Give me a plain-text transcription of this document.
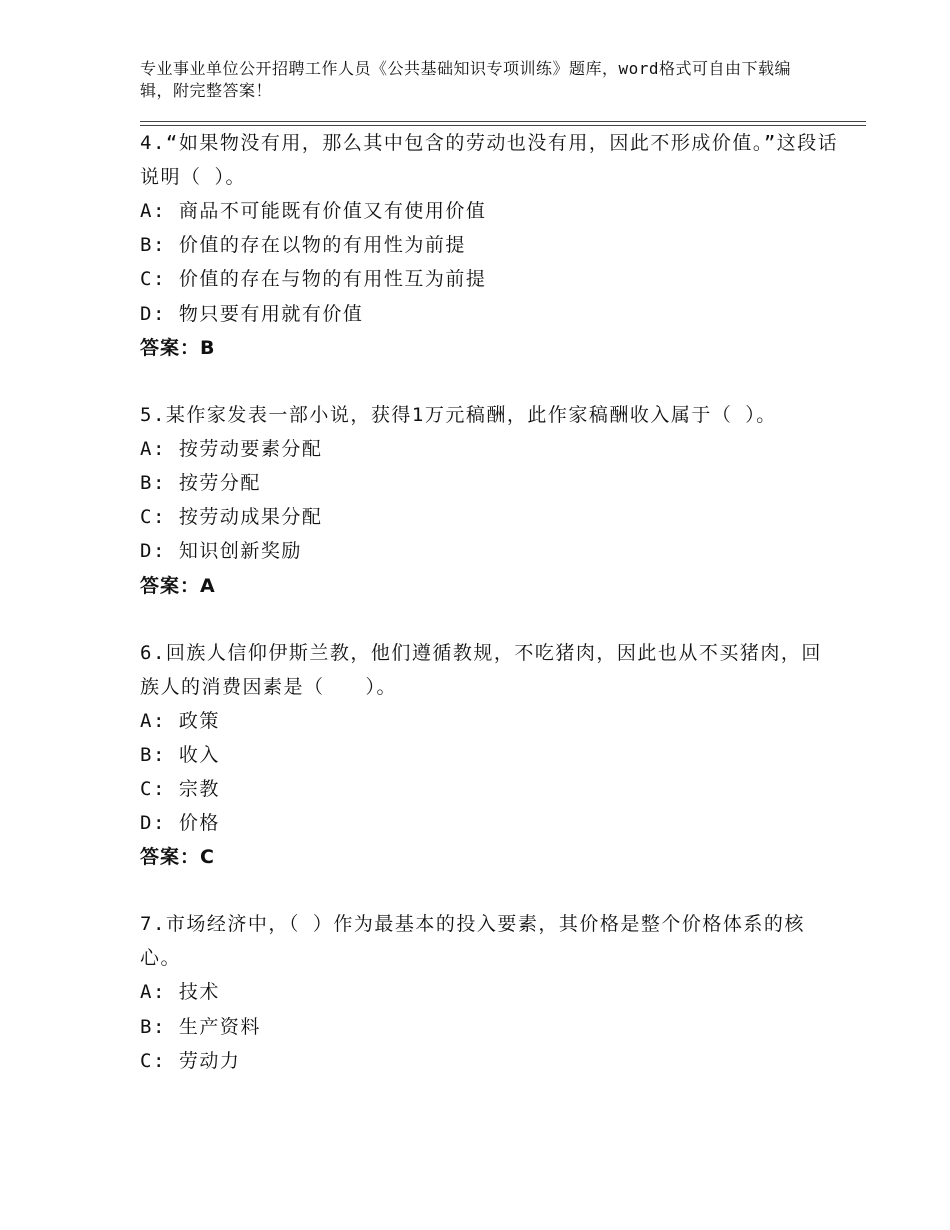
专业事业单位公开招聘工作人员《公共基础知识专项训练》题库，word格式可自由下载编辑，附完整答案！

4.“如果物没有用，那么其中包含的劳动也没有用，因此不形成价值。”这段话说明（ ）。

A: 商品不可能既有价值又有使用价值

B: 价值的存在以物的有用性为前提

C: 价值的存在与物的有用性互为前提

D: 物只要有用就有价值

答案：B

5.某作家发表一部小说，获得1万元稿酬，此作家稿酬收入属于（ ）。

A: 按劳动要素分配

B: 按劳分配

C: 按劳动成果分配

D: 知识创新奖励

答案：A

6.回族人信仰伊斯兰教，他们遵循教规，不吃猪肉，因此也从不买猪肉，回族人的消费因素是（　　）。

A: 政策

B: 收入

C: 宗教

D: 价格

答案：C

7.市场经济中，（ ）作为最基本的投入要素，其价格是整个价格体系的核心。

A: 技术

B: 生产资料

C: 劳动力
